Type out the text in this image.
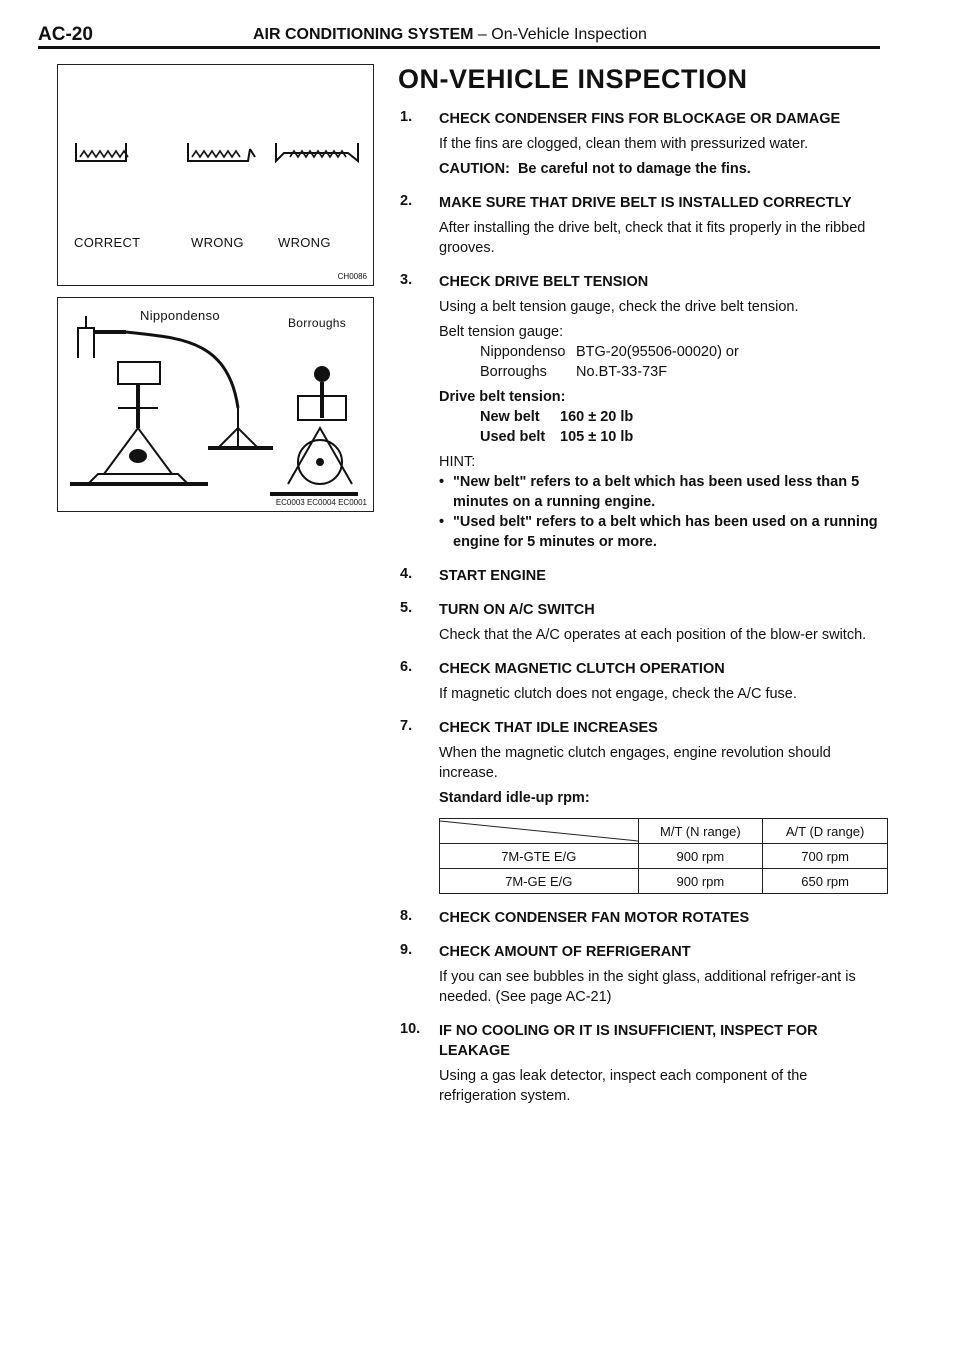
AC-20	AIR CONDITIONING SYSTEM – On-Vehicle Inspection
CORRECT	WRONG	WRONG
CH0086
Nippondenso	Borroughs
EC0003 EC0004 EC0001
ON-VEHICLE INSPECTION
1. CHECK CONDENSER FINS FOR BLOCKAGE OR DAMAGE
If the fins are clogged, clean them with pressurized water.
CAUTION: Be careful not to damage the fins.
2. MAKE SURE THAT DRIVE BELT IS INSTALLED CORRECTLY
After installing the drive belt, check that it fits properly in the ribbed grooves.
3. CHECK DRIVE BELT TENSION
Using a belt tension gauge, check the drive belt tension.
Belt tension gauge:
Nippondenso BTG-20(95506-00020) or
Borroughs	No.BT-33-73F
Drive belt tension:
New belt	160 ± 20 lb
Used belt	105 ± 10 lb
HINT:
• "New belt" refers to a belt which has been used less than 5 minutes on a running engine.
• "Used belt" refers to a belt which has been used on a running engine for 5 minutes or more.
4. START ENGINE
5. TURN ON A/C SWITCH
Check that the A/C operates at each position of the blow-er switch.
6. CHECK MAGNETIC CLUTCH OPERATION
If magnetic clutch does not engage, check the A/C fuse.
7. CHECK THAT IDLE INCREASES
When the magnetic clutch engages, engine revolution should increase.
Standard idle-up rpm:
	M/T (N range)	A/T (D range)
7M-GTE E/G	900 rpm	700 rpm
7M-GE E/G	900 rpm	650 rpm
8. CHECK CONDENSER FAN MOTOR ROTATES
9. CHECK AMOUNT OF REFRIGERANT
If you can see bubbles in the sight glass, additional refriger-ant is needed. (See page AC-21)
10. IF NO COOLING OR IT IS INSUFFICIENT, INSPECT FOR LEAKAGE
Using a gas leak detector, inspect each component of the refrigeration system.
